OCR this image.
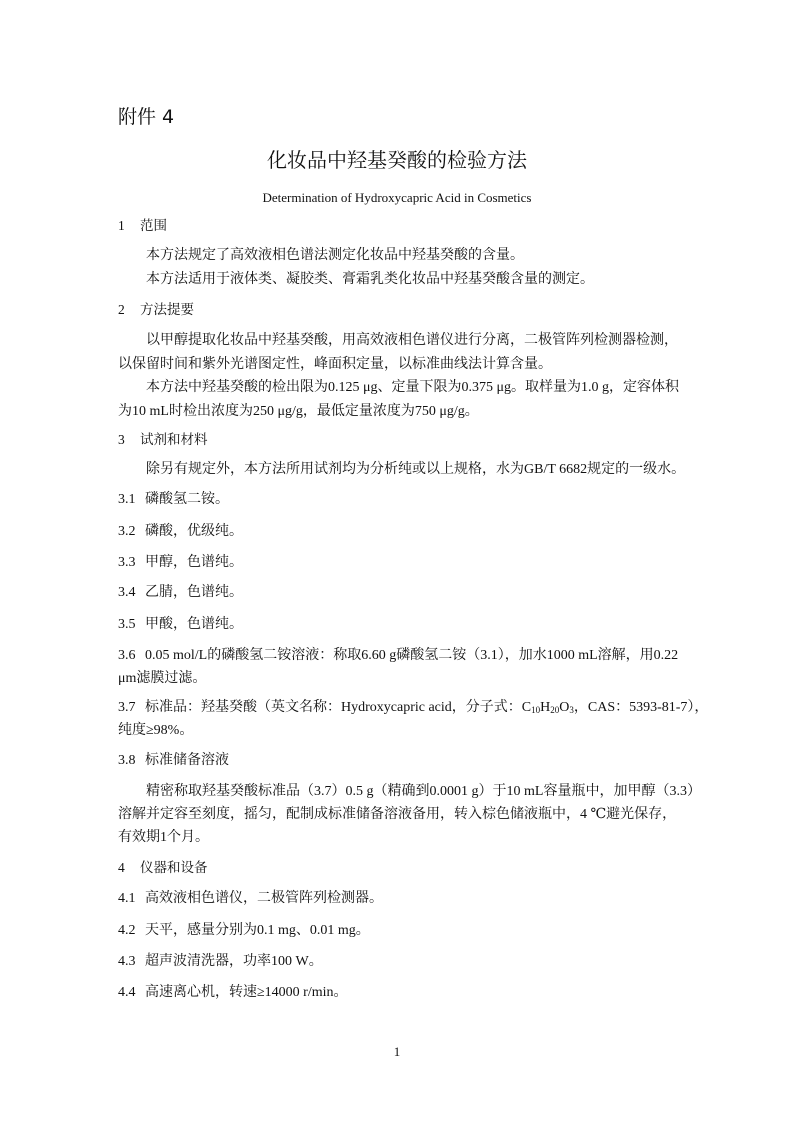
附件 4
化妆品中羟基癸酸的检验方法
Determination of Hydroxycapric Acid in Cosmetics
1 范围
本方法规定了高效液相色谱法测定化妆品中羟基癸酸的含量。
本方法适用于液体类、凝胶类、膏霜乳类化妆品中羟基癸酸含量的测定。
2 方法提要
以甲醇提取化妆品中羟基癸酸，用高效液相色谱仪进行分离，二极管阵列检测器检测，
以保留时间和紫外光谱图定性，峰面积定量，以标准曲线法计算含量。
本方法中羟基癸酸的检出限为0.125 μg、定量下限为0.375 μg。取样量为1.0 g，定容体积
为10 mL时检出浓度为250 μg/g，最低定量浓度为750 μg/g。
3 试剂和材料
除另有规定外，本方法所用试剂均为分析纯或以上规格，水为GB/T 6682规定的一级水。
3.1 磷酸氢二铵。
3.2 磷酸，优级纯。
3.3 甲醇，色谱纯。
3.4 乙腈，色谱纯。
3.5 甲酸，色谱纯。
3.6 0.05 mol/L的磷酸氢二铵溶液：称取6.60 g磷酸氢二铵（3.1），加水1000 mL溶解，用0.22
μm滤膜过滤。
3.7 标准品：羟基癸酸（英文名称：Hydroxycapric acid，分子式：$C_{10}H_{20}O_3$，CAS：5393-81-7），
纯度≥98%。
3.8 标准储备溶液
精密称取羟基癸酸标准品（3.7）0.5 g（精确到0.0001 g）于10 mL容量瓶中，加甲醇（3.3）
溶解并定容至刻度，摇匀，配制成标准储备溶液备用，转入棕色储液瓶中，4 ℃避光保存，
有效期1个月。
4 仪器和设备
4.1 高效液相色谱仪，二极管阵列检测器。
4.2 天平，感量分别为0.1 mg、0.01 mg。
4.3 超声波清洗器，功率100 W。
4.4 高速离心机，转速≥14000 r/min。
1
